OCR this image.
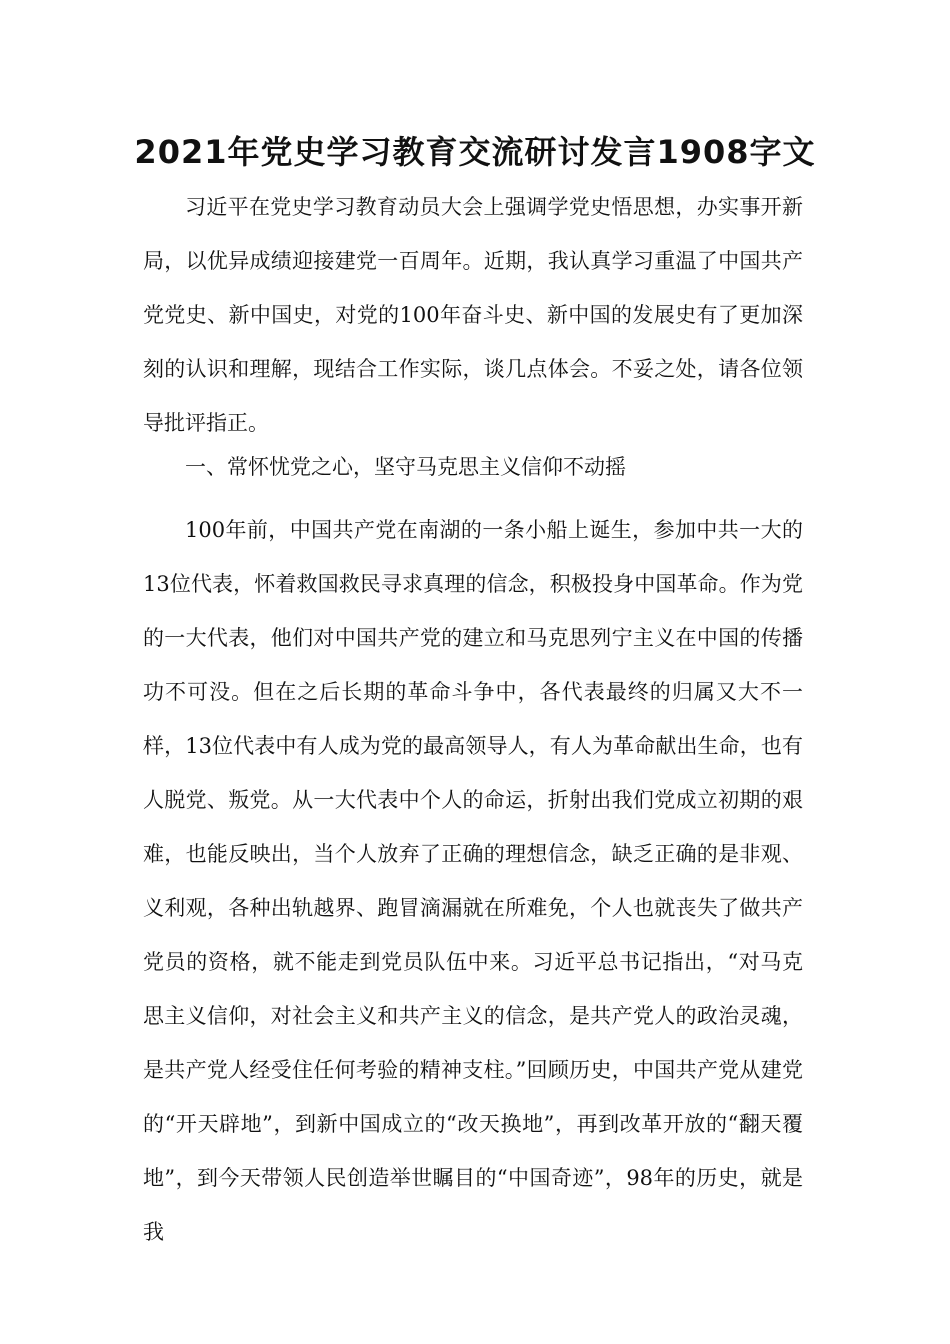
2021年党史学习教育交流研讨发言1908字文

习近平在党史学习教育动员大会上强调学党史悟思想，办实事开新局，以优异成绩迎接建党一百周年。近期，我认真学习重温了中国共产党党史、新中国史，对党的100年奋斗史、新中国的发展史有了更加深刻的认识和理解，现结合工作实际，谈几点体会。不妥之处，请各位领导批评指正。

一、常怀忧党之心，坚守马克思主义信仰不动摇

100年前，中国共产党在南湖的一条小船上诞生，参加中共一大的13位代表，怀着救国救民寻求真理的信念，积极投身中国革命。作为党的一大代表，他们对中国共产党的建立和马克思列宁主义在中国的传播功不可没。但在之后长期的革命斗争中，各代表最终的归属又大不一样，13位代表中有人成为党的最高领导人，有人为革命献出生命，也有人脱党、叛党。从一大代表中个人的命运，折射出我们党成立初期的艰难，也能反映出，当个人放弃了正确的理想信念，缺乏正确的是非观、义利观，各种出轨越界、跑冒滴漏就在所难免，个人也就丧失了做共产党员的资格，就不能走到党员队伍中来。习近平总书记指出，“对马克思主义信仰，对社会主义和共产主义的信念，是共产党人的政治灵魂，是共产党人经受住任何考验的精神支柱。”回顾历史，中国共产党从建党的“开天辟地”，到新中国成立的“改天换地”，再到改革开放的“翻天覆地”，到今天带领人民创造举世瞩目的“中国奇迹”，98年的历史，就是我
